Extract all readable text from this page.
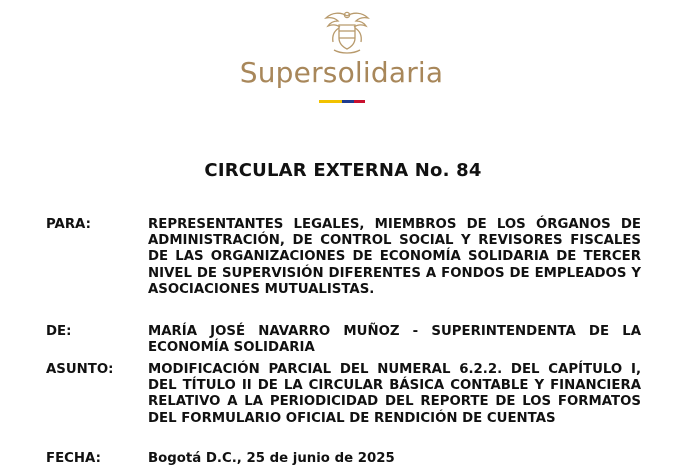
Supersolidaria
CIRCULAR EXTERNA No. 84
PARA:	REPRESENTANTES LEGALES, MIEMBROS DE LOS ÓRGANOS DE ADMINISTRACIÓN, DE CONTROL SOCIAL Y REVISORES FISCALES DE LAS ORGANIZACIONES DE ECONOMÍA SOLIDARIA DE TERCER NIVEL DE SUPERVISIÓN DIFERENTES A FONDOS DE EMPLEADOS Y ASOCIACIONES MUTUALISTAS.
DE:	MARÍA JOSÉ NAVARRO MUÑOZ - SUPERINTENDENTA DE LA ECONOMÍA SOLIDARIA
ASUNTO:	MODIFICACIÓN PARCIAL DEL NUMERAL 6.2.2. DEL CAPÍTULO I, DEL TÍTULO II DE LA CIRCULAR BÁSICA CONTABLE Y FINANCIERA RELATIVO A LA PERIODICIDAD DEL REPORTE DE LOS FORMATOS DEL FORMULARIO OFICIAL DE RENDICIÓN DE CUENTAS
FECHA:	Bogotá D.C., 25 de junio de 2025
